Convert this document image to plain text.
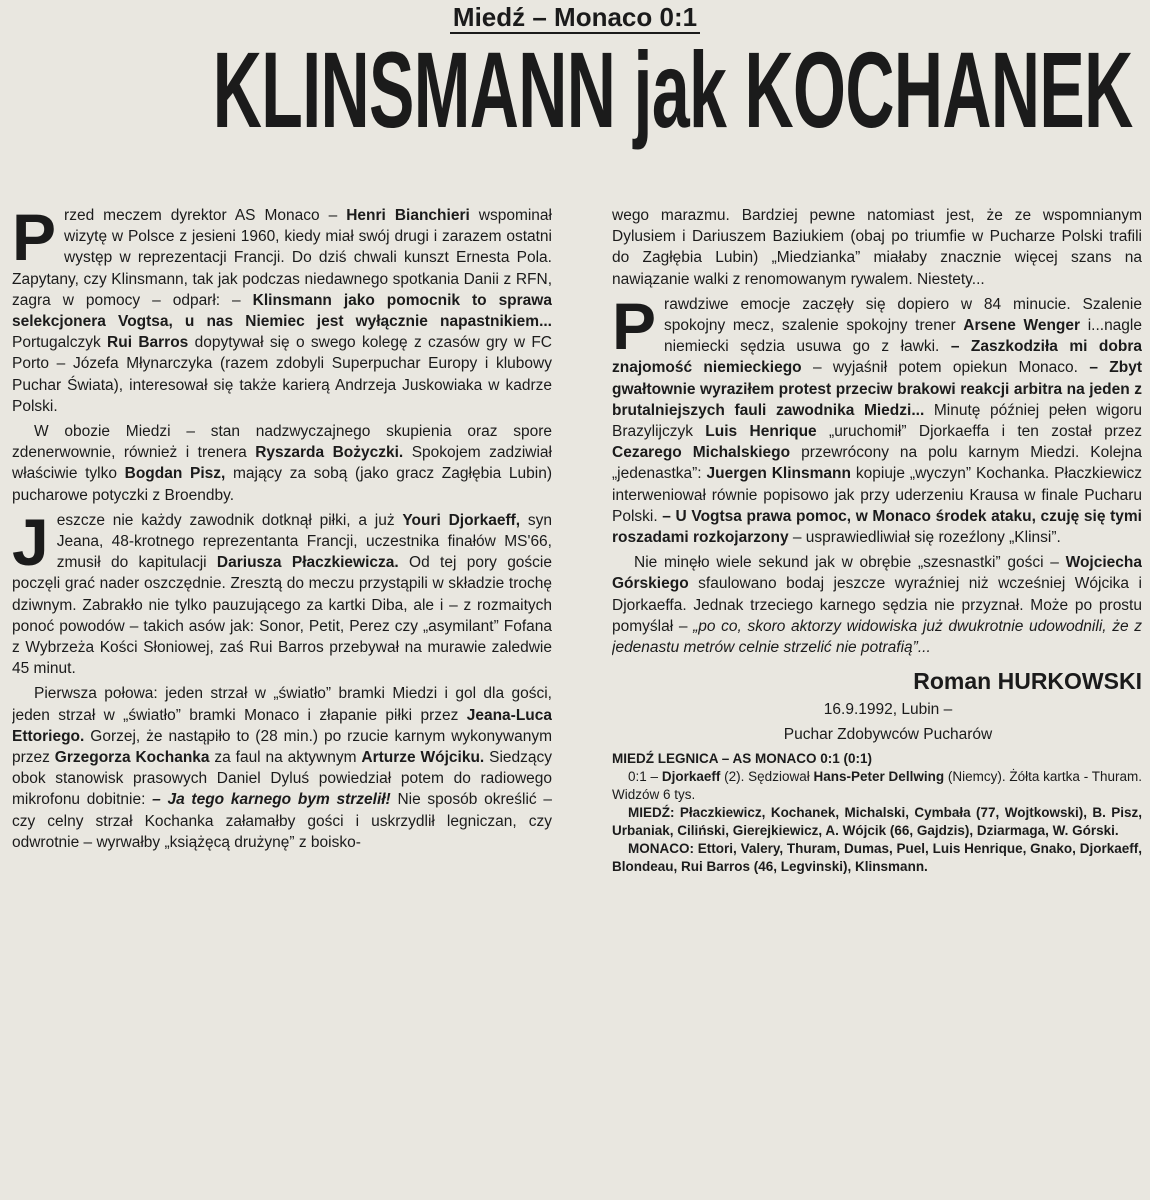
Miedź – Monaco 0:1
KLINSMANN jak KOCHANEK

Przed meczem dyrektor AS Monaco – Henri Bianchieri wspominał wizytę w Polsce z jesieni 1960, kiedy miał swój drugi i zarazem ostatni występ w reprezentacji Francji. Do dziś chwali kunszt Ernesta Pola. Zapytany, czy Klinsmann, tak jak podczas niedawnego spotkania Danii z RFN, zagra w pomocy – odparł: – Klinsmann jako pomocnik to sprawa selekcjonera Vogtsa, u nas Niemiec jest wyłącznie napastnikiem... Portugalczyk Rui Barros dopytywał się o swego kolegę z czasów gry w FC Porto – Józefa Młynarczyka (razem zdobyli Superpuchar Europy i klubowy Puchar Świata), interesował się także karierą Andrzeja Juskowiaka w kadrze Polski.

W obozie Miedzi – stan nadzwyczajnego skupienia oraz spore zdenerwownie, również i trenera Ryszarda Bożyczki. Spokojem zadziwiał właściwie tylko Bogdan Pisz, mający za sobą (jako gracz Zagłębia Lubin) pucharowe potyczki z Broendby.

Jeszcze nie każdy zawodnik dotknął piłki, a już Youri Djorkaeff, syn Jeana, 48-krotnego reprezentanta Francji, uczestnika finałów MS'66, zmusił do kapitulacji Dariusza Płaczkiewicza. Od tej pory goście poczęli grać nader oszczędnie. Zresztą do meczu przystąpili w składzie trochę dziwnym. Zabrakło nie tylko pauzującego za kartki Diba, ale i – z rozmaitych ponoć powodów – takich asów jak: Sonor, Petit, Perez czy „asymilant” Fofana z Wybrzeża Kości Słoniowej, zaś Rui Barros przebywał na murawie zaledwie 45 minut.

Pierwsza połowa: jeden strzał w „światło” bramki Miedzi i gol dla gości, jeden strzał w „światło” bramki Monaco i złapanie piłki przez Jeana-Luca Ettoriego. Gorzej, że nastąpiło to (28 min.) po rzucie karnym wykonywanym przez Grzegorza Kochanka za faul na aktywnym Arturze Wójciku. Siedzący obok stanowisk prasowych Daniel Dyluś powiedział potem do radiowego mikrofonu dobitnie: – Ja tego karnego bym strzelił! Nie sposób określić – czy celny strzał Kochanka załamałby gości i uskrzydlił legniczan, czy odwrotnie – wyrwałby „książęcą drużynę” z boisko-

wego marazmu. Bardziej pewne natomiast jest, że ze wspomnianym Dylusiem i Dariuszem Baziukiem (obaj po triumfie w Pucharze Polski trafili do Zagłębia Lubin) „Miedzianka” miałaby znacznie więcej szans na nawiązanie walki z renomowanym rywalem. Niestety...

Prawdziwe emocje zaczęły się dopiero w 84 minucie. Szalenie spokojny mecz, szalenie spokojny trener Arsene Wenger i...nagle niemiecki sędzia usuwa go z ławki. – Zaszkodziła mi dobra znajomość niemieckiego – wyjaśnił potem opiekun Monaco. – Zbyt gwałtownie wyraziłem protest przeciw brakowi reakcji arbitra na jeden z brutalniejszych fauli zawodnika Miedzi... Minutę później pełen wigoru Brazylijczyk Luis Henrique „uruchomił” Djorkaeffa i ten został przez Cezarego Michalskiego przewrócony na polu karnym Miedzi. Kolejna „jedenastka”: Juergen Klinsmann kopiuje „wyczyn” Kochanka. Płaczkiewicz interweniował równie popisowo jak przy uderzeniu Krausa w finale Pucharu Polski. – U Vogtsa prawa pomoc, w Monaco środek ataku, czuję się tymi roszadami rozkojarzony – usprawiedliwiał się rozeźlony „Klinsi”.

Nie minęło wiele sekund jak w obrębie „szesnastki” gości – Wojciecha Górskiego sfaulowano bodaj jeszcze wyraźniej niż wcześniej Wójcika i Djorkaeffa. Jednak trzeciego karnego sędzia nie przyznał. Może po prostu pomyślał – „po co, skoro aktorzy widowiska już dwukrotnie udowodnili, że z jedenastu metrów celnie strzelić nie potrafią”...

Roman HURKOWSKI

16.9.1992, Lubin –

Puchar Zdobywców Pucharów

MIEDŹ LEGNICA – AS MONACO 0:1 (0:1)

0:1 – Djorkaeff (2). Sędziował Hans-Peter Dellwing (Niemcy). Żółta kartka - Thuram. Widzów 6 tys.

MIEDŹ: Płaczkiewicz, Kochanek, Michalski, Cymbała (77, Wojtkowski), B. Pisz, Urbaniak, Ciliński, Gierejkiewicz, A. Wójcik (66, Gajdzis), Dziarmaga, W. Górski.

MONACO: Ettori, Valery, Thuram, Dumas, Puel, Luis Henrique, Gnako, Djorkaeff, Blondeau, Rui Barros (46, Legvinski), Klinsmann.
